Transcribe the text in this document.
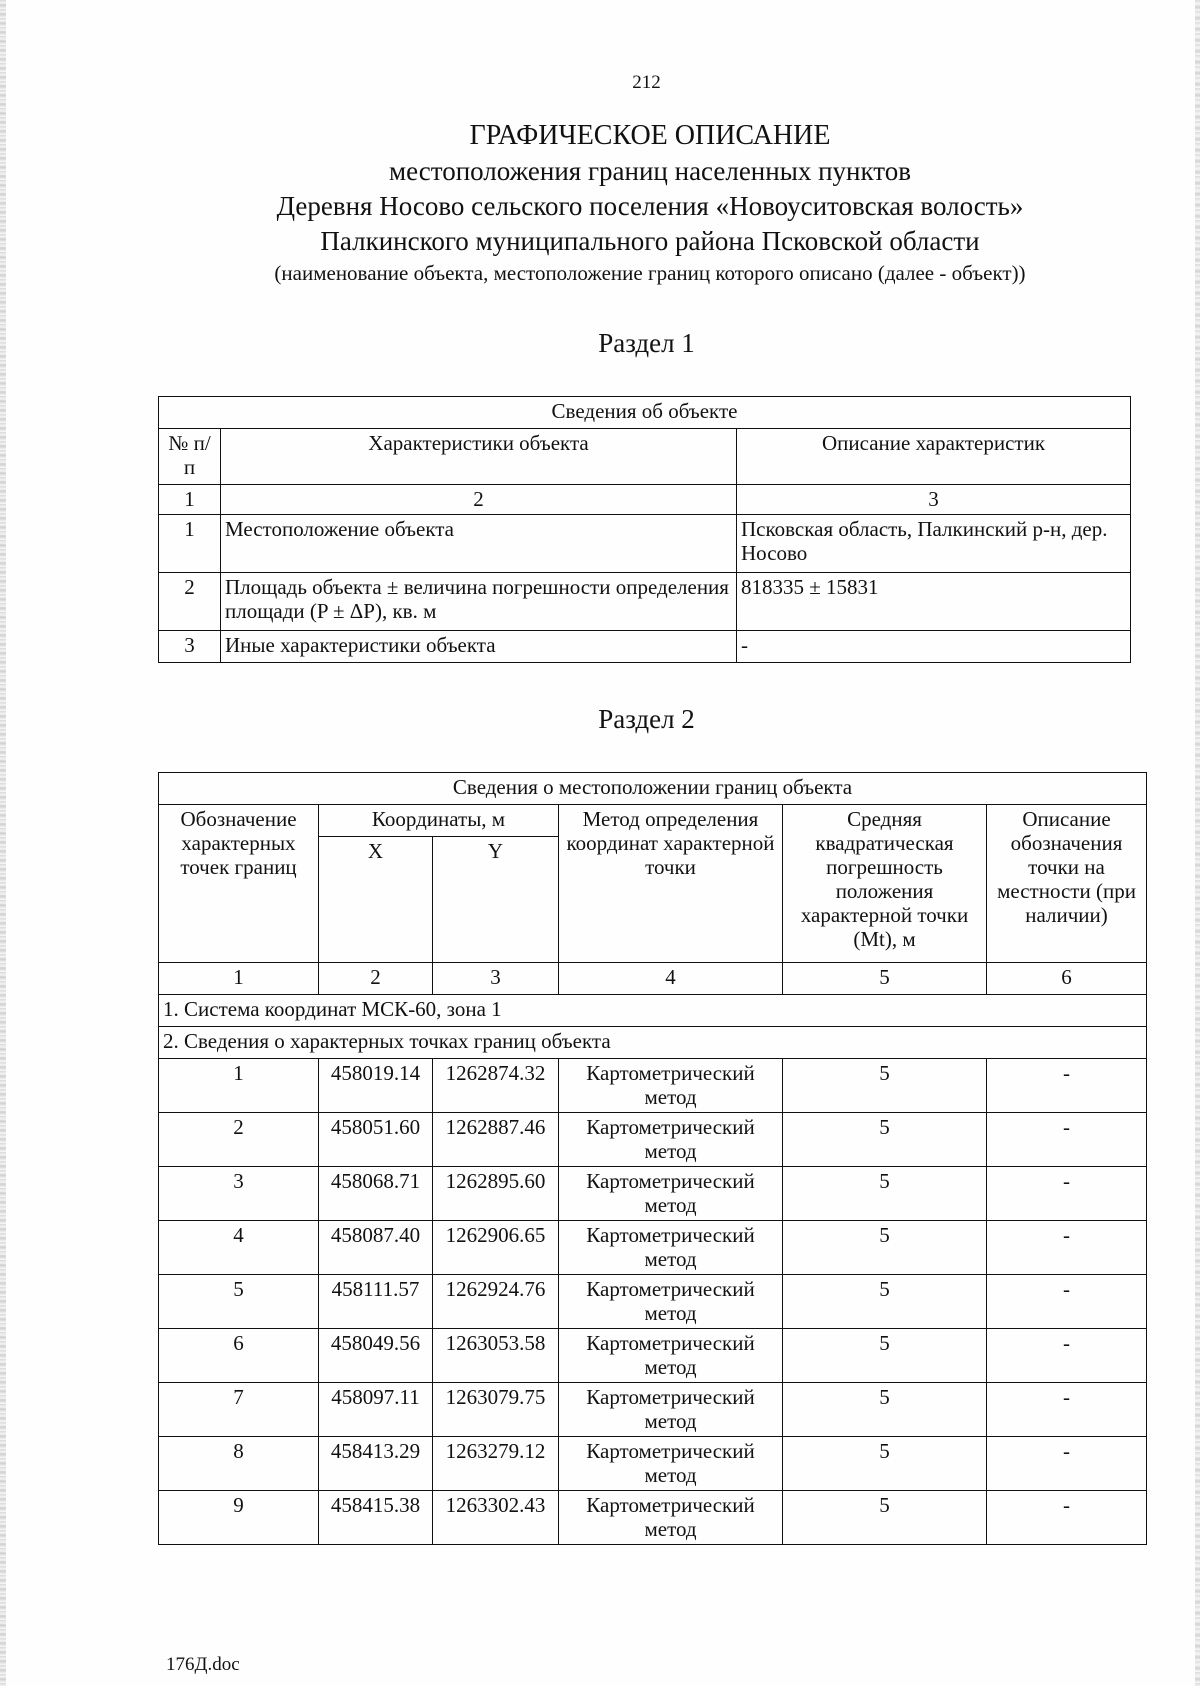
212
ГРАФИЧЕСКОЕ ОПИСАНИЕ
местоположения границ населенных пунктов
Деревня Носово сельского поселения «Новоуситовская волость»
Палкинского муниципального района Псковской области
(наименование объекта, местоположение границ которого описано (далее - объект))
Раздел 1
Сведения об объекте		
№ п/п	Характеристики объекта	Описание характеристик
1	2	3
1	Местоположение объекта	Псковская область, Палкинский р-н, дер. Носово
2	Площадь объекта ± величина погрешности определения площади (P ± ΔP), кв. м	818335 ± 15831
3	Иные характеристики объекта	-
Раздел 2
Сведения о местоположении границ объекта					
Обозначение характерных точек границ	Координаты, м		Метод определения координат характерной точки	Средняя квадратическая погрешность положения характерной точки (Mt), м	Описание обозначения точки на местности (при наличии)
	X	Y			
1	2	3	4	5	6
1. Система координат МСК-60, зона 1					
2. Сведения о характерных точках границ объекта					
1	458019.14	1262874.32	Картометрический метод	5	-
2	458051.60	1262887.46	Картометрический метод	5	-
3	458068.71	1262895.60	Картометрический метод	5	-
4	458087.40	1262906.65	Картометрический метод	5	-
5	458111.57	1262924.76	Картометрический метод	5	-
6	458049.56	1263053.58	Картометрический метод	5	-
7	458097.11	1263079.75	Картометрический метод	5	-
8	458413.29	1263279.12	Картометрический метод	5	-
9	458415.38	1263302.43	Картометрический метод	5	-
176Д.doc
